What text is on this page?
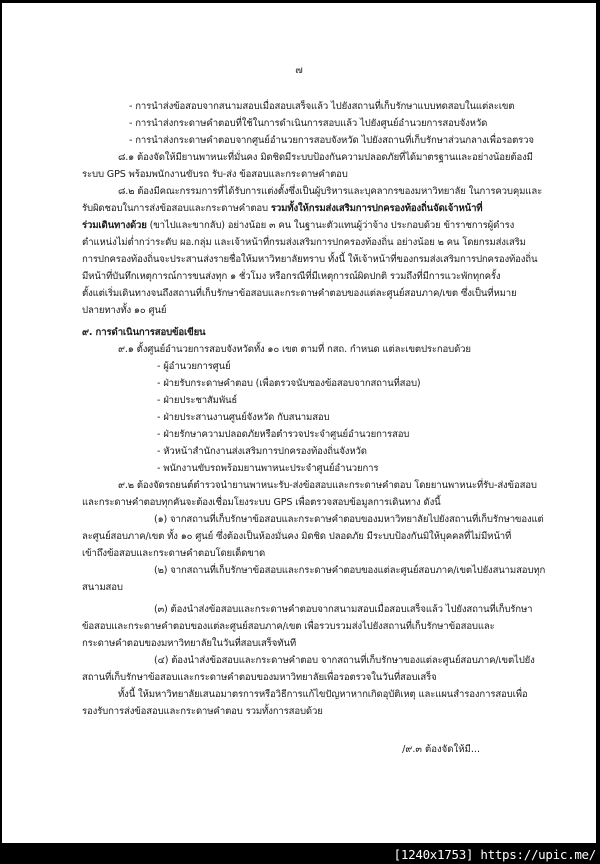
๗
- การนำส่งข้อสอบจากสนามสอบเมื่อสอบเสร็จแล้ว ไปยังสถานที่เก็บรักษาแบบทดสอบในแต่ละเขต
- การนำส่งกระดาษคำตอบที่ใช้ในการดำเนินการสอบแล้ว ไปยังศูนย์อำนวยการสอบจังหวัด
- การนำส่งกระดาษคำตอบจากศูนย์อำนวยการสอบจังหวัด ไปยังสถานที่เก็บรักษาส่วนกลางเพื่อรอตรวจ
๘.๑ ต้องจัดให้มียานพาหนะที่มั่นคง มิดชิดมีระบบป้องกันความปลอดภัยที่ได้มาตรฐานและอย่างน้อยต้องมี
ระบบ GPS พร้อมพนักงานขับรถ รับ-ส่ง ข้อสอบและกระดาษคำตอบ
๘.๒ ต้องมีคณะกรรมการที่ได้รับการแต่งตั้งซึ่งเป็นผู้บริหารและบุคลากรของมหาวิทยาลัย ในการควบคุมและ
รับผิดชอบในการส่งข้อสอบและกระดาษคำตอบ รวมทั้งให้กรมส่งเสริมการปกครองท้องถิ่นจัดเจ้าหน้าที่
ร่วมเดินทางด้วย (ขาไปและขากลับ) อย่างน้อย ๓ คน ในฐานะตัวแทนผู้ว่าจ้าง ประกอบด้วย ข้าราชการผู้ดำรง
ตำแหน่งไม่ต่ำกว่าระดับ ผอ.กลุ่ม และเจ้าหน้าที่กรมส่งเสริมการปกครองท้องถิ่น อย่างน้อย ๒ คน โดยกรมส่งเสริม
การปกครองท้องถิ่นจะประสานส่งรายชื่อให้มหาวิทยาลัยทราบ ทั้งนี้ ให้เจ้าหน้าที่ของกรมส่งเสริมการปกครองท้องถิ่น
มีหน้าที่บันทึกเหตุการณ์การขนส่งทุก ๑ ชั่วโมง หรือกรณีที่มีเหตุการณ์ผิดปกติ รวมถึงที่มีการแวะพักทุกครั้ง
ตั้งแต่เริ่มเดินทางจนถึงสถานที่เก็บรักษาข้อสอบและกระดาษคำตอบของแต่ละศูนย์สอบภาค/เขต ซึ่งเป็นที่หมาย
ปลายทางทั้ง ๑๐ ศูนย์
๙. การดำเนินการสอบข้อเขียน
๙.๑ ตั้งศูนย์อำนวยการสอบจังหวัดทั้ง ๑๐ เขต ตามที่ กสถ. กำหนด แต่ละเขตประกอบด้วย
- ผู้อำนวยการศูนย์
- ฝ่ายรับกระดาษคำตอบ (เพื่อตรวจนับซองข้อสอบจากสถานที่สอบ)
- ฝ่ายประชาสัมพันธ์
- ฝ่ายประสานงานศูนย์จังหวัด กับสนามสอบ
- ฝ่ายรักษาความปลอดภัยหรือตำรวจประจำศูนย์อำนวยการสอบ
- หัวหน้าสำนักงานส่งเสริมการปกครองท้องถิ่นจังหวัด
- พนักงานขับรถพร้อมยานพาหนะประจำศูนย์อำนวยการ
๙.๒ ต้องจัดรถยนต์ตำรวจนำยานพาหนะรับ-ส่งข้อสอบและกระดาษคำตอบ โดยยานพาหนะที่รับ-ส่งข้อสอบ
และกระดาษคำตอบทุกคันจะต้องเชื่อมโยงระบบ GPS เพื่อตรวจสอบข้อมูลการเดินทาง ดังนี้
(๑) จากสถานที่เก็บรักษาข้อสอบและกระดาษคำตอบของมหาวิทยาลัยไปยังสถานที่เก็บรักษาของแต่
ละศูนย์สอบภาค/เขต ทั้ง ๑๐ ศูนย์ ซึ่งต้องเป็นห้องมั่นคง มิดชิด ปลอดภัย มีระบบป้องกันมิให้บุคคลที่ไม่มีหน้าที่
เข้าถึงข้อสอบและกระดาษคำตอบโดยเด็ดขาด
(๒) จากสถานที่เก็บรักษาข้อสอบและกระดาษคำตอบของแต่ละศูนย์สอบภาค/เขตไปยังสนามสอบทุก
สนามสอบ
(๓) ต้องนำส่งข้อสอบและกระดาษคำตอบจากสนามสอบเมื่อสอบเสร็จแล้ว ไปยังสถานที่เก็บรักษา
ข้อสอบและกระดาษคำตอบของแต่ละศูนย์สอบภาค/เขต เพื่อรวบรวมส่งไปยังสถานที่เก็บรักษาข้อสอบและ
กระดาษคำตอบของมหาวิทยาลัยในวันที่สอบเสร็จทันที
(๔) ต้องนำส่งข้อสอบและกระดาษคำตอบ จากสถานที่เก็บรักษาของแต่ละศูนย์สอบภาค/เขตไปยัง
สถานที่เก็บรักษาข้อสอบและกระดาษคำตอบของมหาวิทยาลัยเพื่อรอตรวจในวันที่สอบเสร็จ
ทั้งนี้ ให้มหาวิทยาลัยเสนอมาตรการหรือวิธีการแก้ไขปัญหาหากเกิดอุบัติเหตุ และแผนสำรองการสอบเพื่อ
รองรับการส่งข้อสอบและกระดาษคำตอบ รวมทั้งการสอบด้วย
/๙.๓ ต้องจัดให้มี...
[1240x1753] https://upic.me/
